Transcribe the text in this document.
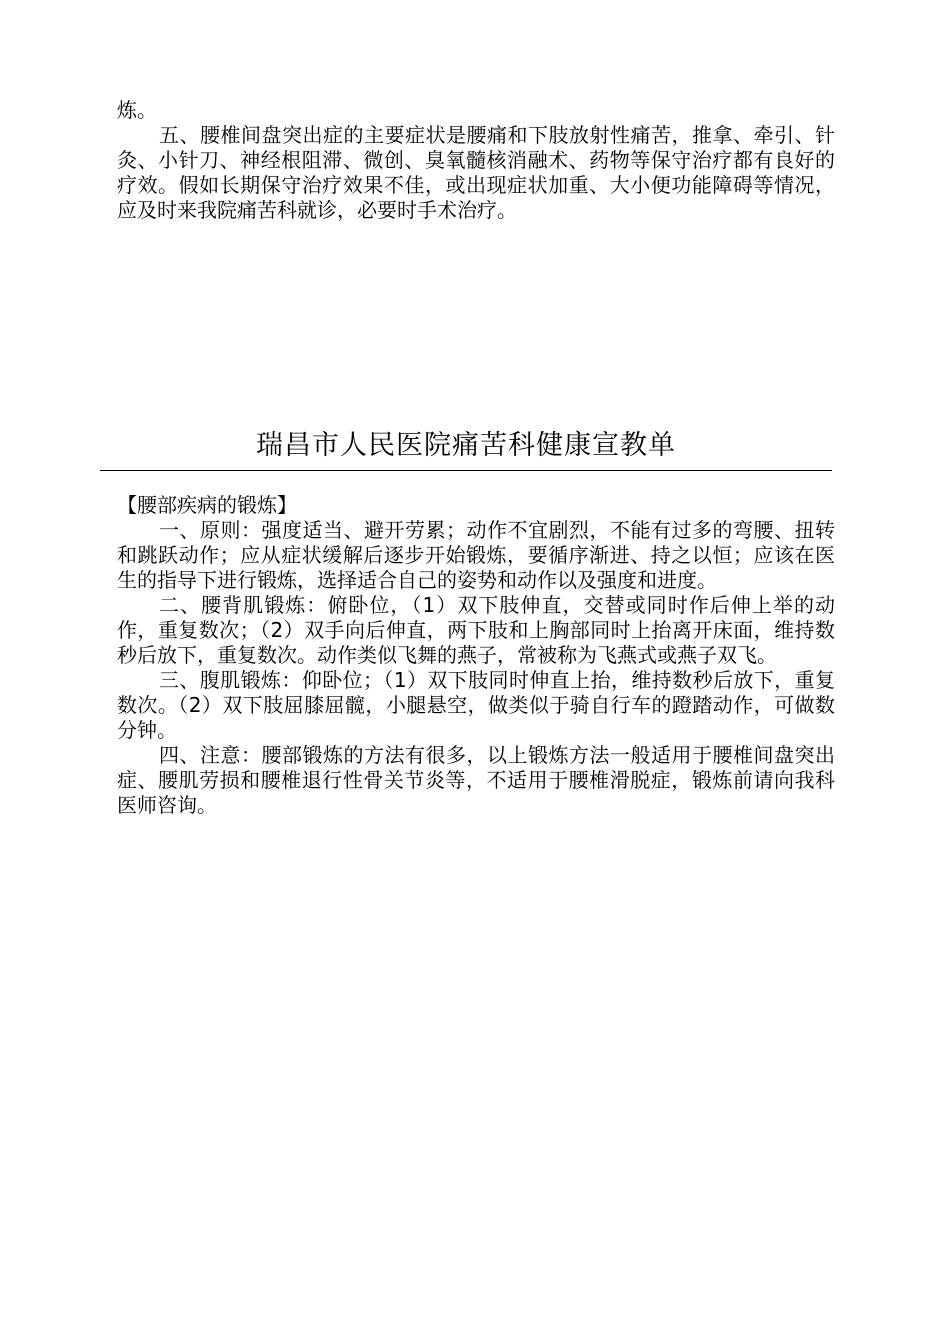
炼。

五、腰椎间盘突出症的主要症状是腰痛和下肢放射性痛苦，推拿、牵引、针灸、小针刀、神经根阻滞、微创、臭氧髓核消融术、药物等保守治疗都有良好的疗效。假如长期保守治疗效果不佳，或出现症状加重、大小便功能障碍等情况，应及时来我院痛苦科就诊，必要时手术治疗。

瑞昌市人民医院痛苦科健康宣教单

【腰部疾病的锻炼】

一、原则：强度适当、避开劳累；动作不宜剧烈，不能有过多的弯腰、扭转和跳跃动作；应从症状缓解后逐步开始锻炼，要循序渐进、持之以恒；应该在医生的指导下进行锻炼，选择适合自己的姿势和动作以及强度和进度。

二、腰背肌锻炼：俯卧位，（1）双下肢伸直，交替或同时作后伸上举的动作，重复数次；（2）双手向后伸直，两下肢和上胸部同时上抬离开床面，维持数秒后放下，重复数次。动作类似飞舞的燕子，常被称为飞燕式或燕子双飞。

三、腹肌锻炼：仰卧位；（1）双下肢同时伸直上抬，维持数秒后放下，重复数次。（2）双下肢屈膝屈髋，小腿悬空，做类似于骑自行车的蹬踏动作，可做数分钟。

四、注意：腰部锻炼的方法有很多，以上锻炼方法一般适用于腰椎间盘突出症、腰肌劳损和腰椎退行性骨关节炎等，不适用于腰椎滑脱症，锻炼前请向我科医师咨询。
